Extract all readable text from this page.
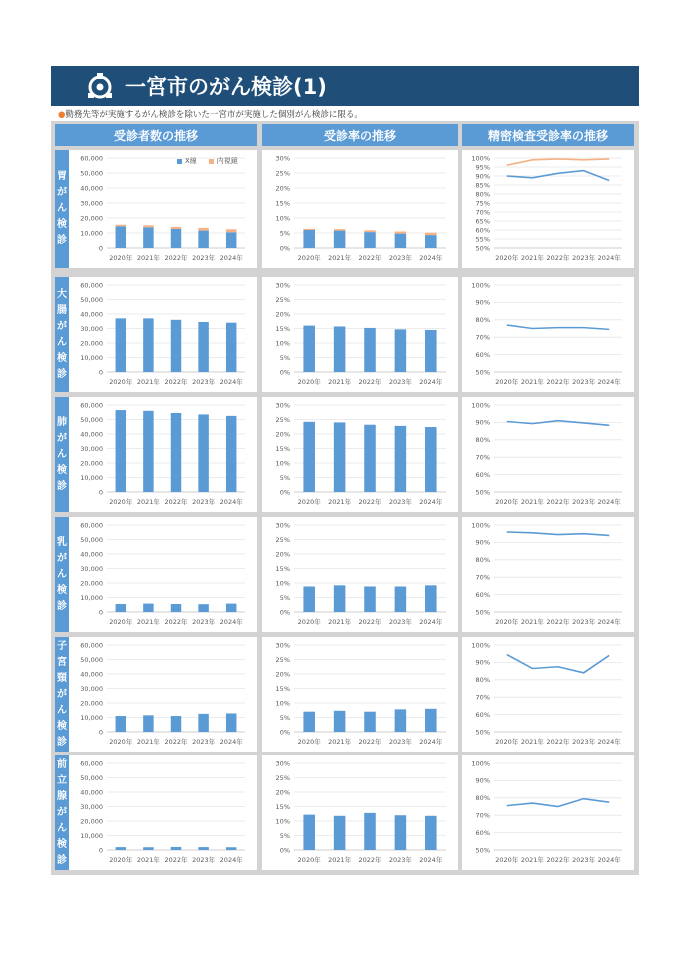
一宮市のがん検診(1)
●勤務先等が実施するがん検診を除いた一宮市が実施した個別がん検診に限る。
受診者数の推移	受診率の推移	精密検査受診率の推移
胃
が
ん
検
診
大
腸
が
ん
検
診
肺
が
ん
検
診
乳
が
ん
検
診
子
宮
頸
が
ん
検
診
前
立
腺
が
ん
検
診
0
10,000
20,000
30,000
40,000
50,000
60,000
2020年 2021年 2022年 2023年 2024年
X線	内視鏡
0%
5%
10%
15%
20%
25%
30%
2020年 2021年 2022年 2023年 2024年
50%
55%
60%
65%
70%
75%
80%
85%
90%
95%
100%
2020年 2021年 2022年 2023年 2024年
0
10,000
20,000
30,000
40,000
50,000
60,000
2020年 2021年 2022年 2023年 2024年
0%
5%
10%
15%
20%
25%
30%
2020年 2021年 2022年 2023年 2024年
50%
60%
70%
80%
90%
100%
2020年 2021年 2022年 2023年 2024年
0
10,000
20,000
30,000
40,000
50,000
60,000
2020年 2021年 2022年 2023年 2024年
0%
5%
10%
15%
20%
25%
30%
2020年 2021年 2022年 2023年 2024年
50%
60%
70%
80%
90%
100%
2020年 2021年 2022年 2023年 2024年
0
10,000
20,000
30,000
40,000
50,000
60,000
2020年 2021年 2022年 2023年 2024年
0%
5%
10%
15%
20%
25%
30%
2020年 2021年 2022年 2023年 2024年
50%
60%
70%
80%
90%
100%
2020年 2021年 2022年 2023年 2024年
0
10,000
20,000
30,000
40,000
50,000
60,000
2020年 2021年 2022年 2023年 2024年
0%
5%
10%
15%
20%
25%
30%
2020年 2021年 2022年 2023年 2024年
50%
60%
70%
80%
90%
100%
2020年 2021年 2022年 2023年 2024年
0
10,000
20,000
30,000
40,000
50,000
60,000
2020年 2021年 2022年 2023年 2024年
0%
5%
10%
15%
20%
25%
30%
2020年 2021年 2022年 2023年 2024年
50%
60%
70%
80%
90%
100%
2020年 2021年 2022年 2023年 2024年
